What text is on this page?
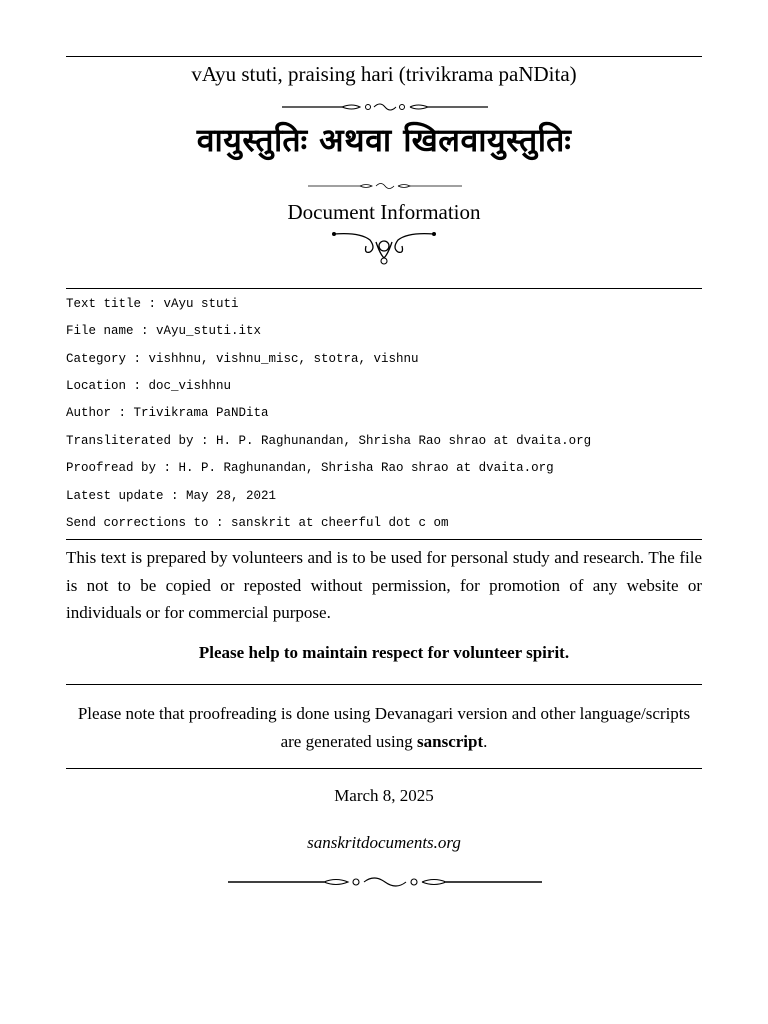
vAyu stuti, praising hari (trivikrama paNDita)
वायुस्तुतिः अथवा खिलवायुस्तुतिः
Document Information
Text title : vAyu stuti
File name : vAyu_stuti.itx
Category : vishhnu, vishnu_misc, stotra, vishnu
Location : doc_vishhnu
Author : Trivikrama PaNDita
Transliterated by : H. P. Raghunandan, Shrisha Rao shrao at dvaita.org
Proofread by : H. P. Raghunandan, Shrisha Rao shrao at dvaita.org
Latest update : May 28, 2021
Send corrections to : sanskrit at cheerful dot c om
This text is prepared by volunteers and is to be used for personal study and research. The file is not to be copied or reposted without permission, for promotion of any website or individuals or for commercial purpose.
Please help to maintain respect for volunteer spirit.
Please note that proofreading is done using Devanagari version and other language/scripts are generated using sanscript.
March 8, 2025
sanskritdocuments.org
